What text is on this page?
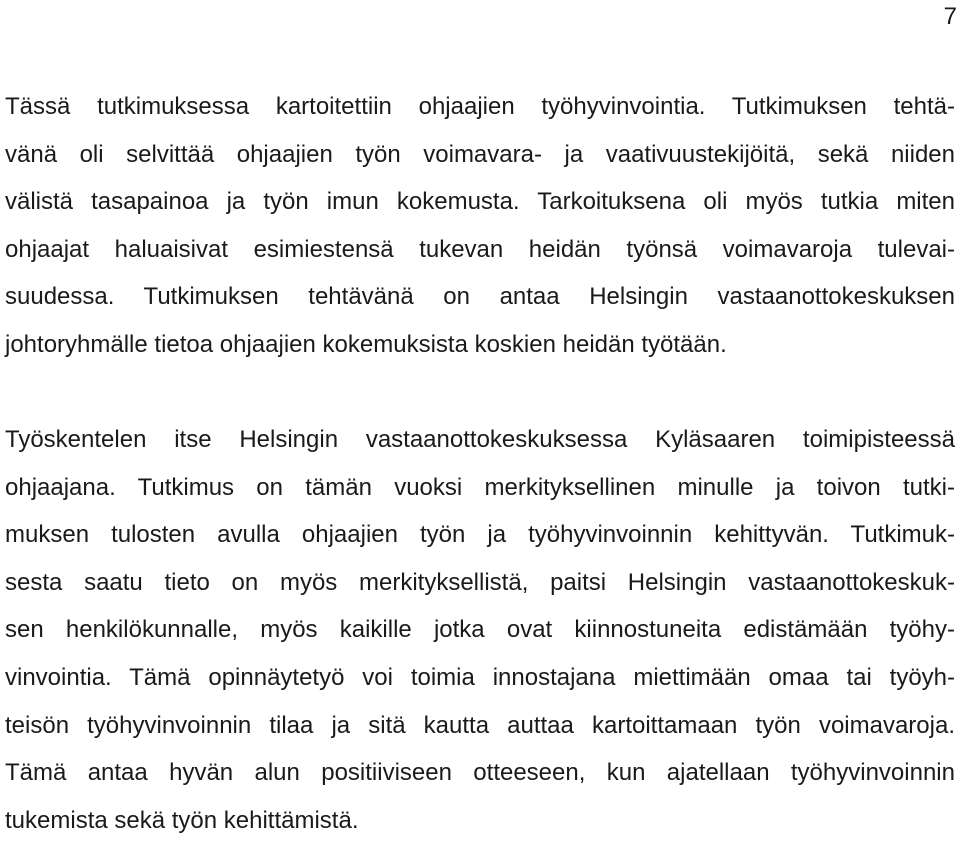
7
Tässä tutkimuksessa kartoitettiin ohjaajien työhyvinvointia. Tutkimuksen tehtä-
vänä oli selvittää ohjaajien työn voimavara- ja vaativuustekijöitä, sekä niiden
välistä tasapainoa ja työn imun kokemusta. Tarkoituksena oli myös tutkia miten
ohjaajat haluaisivat esimiestensä tukevan heidän työnsä voimavaroja tulevai-
suudessa. Tutkimuksen tehtävänä on antaa Helsingin vastaanottokeskuksen
johtoryhmälle tietoa ohjaajien kokemuksista koskien heidän työtään.
Työskentelen itse Helsingin vastaanottokeskuksessa Kyläsaaren toimipisteessä
ohjaajana. Tutkimus on tämän vuoksi merkityksellinen minulle ja toivon tutki-
muksen tulosten avulla ohjaajien työn ja työhyvinvoinnin kehittyvän. Tutkimuk-
sesta saatu tieto on myös merkityksellistä, paitsi Helsingin vastaanottokeskuk-
sen henkilökunnalle, myös kaikille jotka ovat kiinnostuneita edistämään työhy-
vinvointia. Tämä opinnäytetyö voi toimia innostajana miettimään omaa tai työyh-
teisön työhyvinvoinnin tilaa ja sitä kautta auttaa kartoittamaan työn voimavaroja.
Tämä antaa hyvän alun positiiviseen otteeseen, kun ajatellaan työhyvinvoinnin
tukemista sekä työn kehittämistä.
